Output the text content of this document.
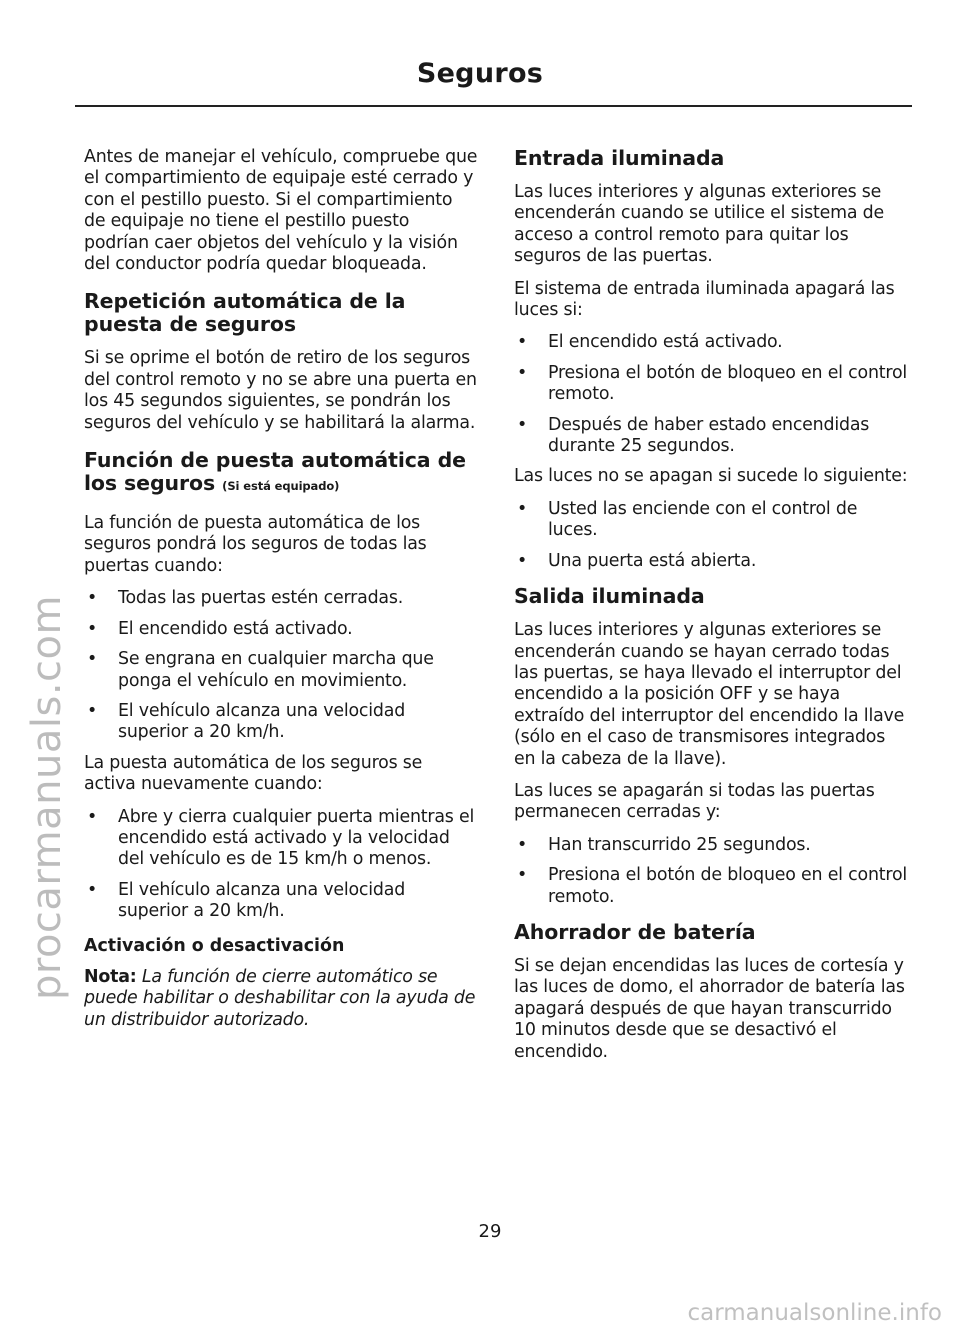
Seguros

Antes de manejar el vehículo, compruebe que el compartimiento de equipaje esté cerrado y con el pestillo puesto. Si el compartimiento de equipaje no tiene el pestillo puesto podrían caer objetos del vehículo y la visión del conductor podría quedar bloqueada.

Repetición automática de la puesta de seguros

Si se oprime el botón de retiro de los seguros del control remoto y no se abre una puerta en los 45 segundos siguientes, se pondrán los seguros del vehículo y se habilitará la alarma.

Función de puesta automática de los seguros (Si está equipado)

La función de puesta automática de los seguros pondrá los seguros de todas las puertas cuando:

• Todas las puertas estén cerradas.
• El encendido está activado.
• Se engrana en cualquier marcha que ponga el vehículo en movimiento.
• El vehículo alcanza una velocidad superior a 20 km/h.

La puesta automática de los seguros se activa nuevamente cuando:

• Abre y cierra cualquier puerta mientras el encendido está activado y la velocidad del vehículo es de 15 km/h o menos.
• El vehículo alcanza una velocidad superior a 20 km/h.
Activación o desactivación

Nota: La función de cierre automático se puede habilitar o deshabilitar con la ayuda de un distribuidor autorizado.

Entrada iluminada

Las luces interiores y algunas exteriores se encenderán cuando se utilice el sistema de acceso a control remoto para quitar los seguros de las puertas.

El sistema de entrada iluminada apagará las luces si:

• El encendido está activado.
• Presiona el botón de bloqueo en el control remoto.
• Después de haber estado encendidas durante 25 segundos.

Las luces no se apagan si sucede lo siguiente:

• Usted las enciende con el control de luces.
• Una puerta está abierta.
Salida iluminada

Las luces interiores y algunas exteriores se encenderán cuando se hayan cerrado todas las puertas, se haya llevado el interruptor del encendido a la posición OFF y se haya extraído del interruptor del encendido la llave (sólo en el caso de transmisores integrados en la cabeza de la llave).

Las luces se apagarán si todas las puertas permanecen cerradas y:

• Han transcurrido 25 segundos.
• Presiona el botón de bloqueo en el control remoto.
Ahorrador de batería

Si se dejan encendidas las luces de cortesía y las luces de domo, el ahorrador de batería las apagará después de que hayan transcurrido 10 minutos desde que se desactivó el encendido.

29
procarmanuals.com
carmanualsonline.info
